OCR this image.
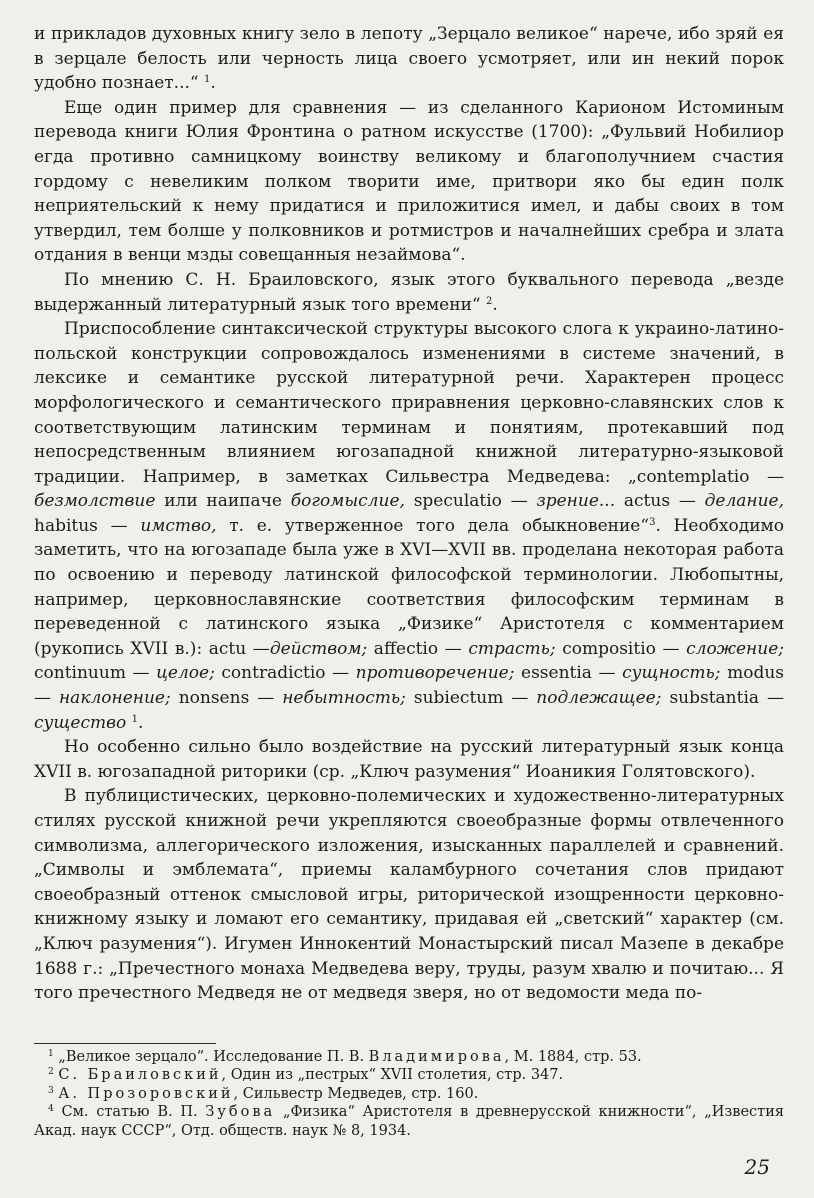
и прикладов духовных книгу зело в лепоту „Зерцало великое“ нарече, ибо зряй ея в зерцале белость или черность лица своего усмотряет, или ин некий порок удобно познает...“ $^1$.

Еще один пример для сравнения — из сделанного Карионом Истоминым перевода книги Юлия Фронтина о ратном искусстве (1700): „Фульвий Нобилиор егда противно самницкому воинству великому и благополучнием счастия гордому с невеликим полком творити име, притвори яко бы един полк неприятельский к нему придатися и приложитися имел, и дабы своих в том утвердил, тем болше у полковников и ротмистров и началнейших сребра и злата отдания в венци мзды совещанныя незаймова“.

По мнению С. Н. Браиловского, язык этого буквального перевода „везде выдержанный литературный язык того времени“ $^2$.

Приспособление синтаксической структуры высокого слога к украино-латино-польской конструкции сопровождалось изменениями в системе значений, в лексике и семантике русской литературной речи. Характерен процесс морфологического и семантического приравнения церковно-славянских слов к соответствующим латинским терминам и понятиям, протекавший под непосредственным влиянием югозападной книжной литературно-языковой традиции. Например, в заметках Сильвестра Медведева: „contemplatio —безмолствие или наипаче богомыслие, speculatio — зрение... actus — делание, habitus — имство, т. е. утверженное того дела обыкновение“$^3$. Необходимо заметить, что на югозападе была уже в XVI—XVII вв. проделана некоторая работа по освоению и переводу латинской философской терминологии. Любопытны, например, церковнославянские соответствия философским терминам в переведенной с латинского языка „Физике“ Аристотеля с комментарием (рукопись XVII в.): actu —действом; affectio — страсть; compositio — сложение; continuum — целое; contradictio — противоречение; essentia — сущность; modus — наклонение; nonsens — небытность; subiectum — подлежащее; substantia — существо $^1$.

Но особенно сильно было воздействие на русский литературный язык конца XVII в. югозападной риторики (ср. „Ключ разумения“ Иоаникия Голятовского).

В публицистических, церковно-полемических и художественно-литературных стилях русской книжной речи укрепляются своеобразные формы отвлеченного символизма, аллегорического изложения, изысканных параллелей и сравнений. „Символы и эмблемата“, приемы каламбурного сочетания слов придают своеобразный оттенок смысловой игры, риторической изощренности церковно-книжному языку и ломают его семантику, придавая ей „светский“ характер (см. „Ключ разумения“). Игумен Иннокентий Монастырский писал Мазепе в декабре 1688 г.: „Пречестного монаха Медведева веру, труды, разум хвалю и почитаю... Я того пречестного Медведя не от медведя зверя, но от ведомости меда по-

$^1$ „Великое зерцало“. Исследование П. В. Владимирова, М. 1884, стр. 53.

$^2$ С. Браиловский, Один из „пестрых“ XVII столетия, стр. 347.

$^3$ А. Прозоровский, Сильвестр Медведев, стр. 160.

$^4$ См. статью В. П. Зубова „Физика“ Аристотеля в древнерусской книжности“, „Известия Акад. наук СССР“, Отд. обществ. наук № 8, 1934.

25
